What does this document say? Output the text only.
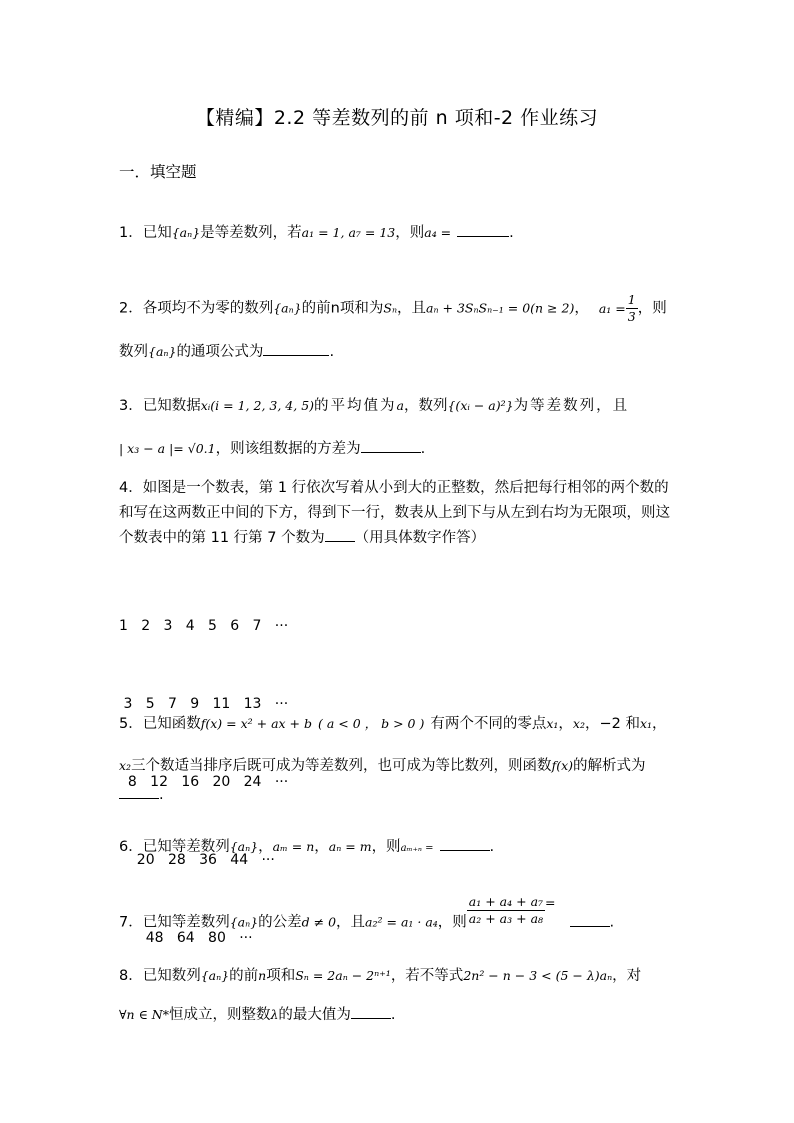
【精编】2.2 等差数列的前 n 项和-2 作业练习
一．填空题
1．已知{aₙ}是等差数列，若a₁ = 1, a₇ = 13，则a₄ =	.
2．各项均不为零的数列{aₙ}的前n项和为Sₙ，且aₙ + 3SₙSₙ₋₁ = 0(n ≥ 2)， $a_1 = \frac{1}{3}$ ，则
数列{aₙ}的通项公式为	.
3．已知数据xᵢ(i = 1, 2, 3, 4, 5)的平均值为a，数列{(xᵢ − a)²}为等差数列，且
| x₃ − a |= √0.1，则该组数据的方差为	.
4．如图是一个数表，第 1 行依次写着从小到大的正整数，然后把每行相邻的两个数的
和写在这两数正中间的下方，得到下一行，数表从上到下与从左到右均为无限项，则这
个数表中的第 11 行第 7 个数为 （用具体数字作答）

1   2   3   4   5   6   7   ···

3   5   7   9   11   13   ···

8   12   16   20   24   ···

20   28   36   44   ···

48   64   80   ···

5．已知函数f(x) = x² + ax + b ( a < 0 ， b > 0 ) 有两个不同的零点x₁，x₂，−2 和x₁，
x₂三个数适当排序后既可成为等差数列，也可成为等比数列，则函数f(x)的解析式为
.
6．已知等差数列{aₙ}，aₘ = n，aₙ = m，则aₘ₊ₙ =	.
7．已知等差数列{aₙ}的公差d ≠ 0，且a₂² = a₁ · a₄，则 $\frac{\text{a₁ + a₄ + a₇}}{\text{a₂ + a₃ + a₈}}$ =.
8．已知数列{aₙ}的前n项和Sₙ = 2aₙ − 2ⁿ⁺¹，若不等式2n² − n − 3 < (5 − λ)aₙ，对
∀n ∈ N*恒成立，则整数λ的最大值为	.
